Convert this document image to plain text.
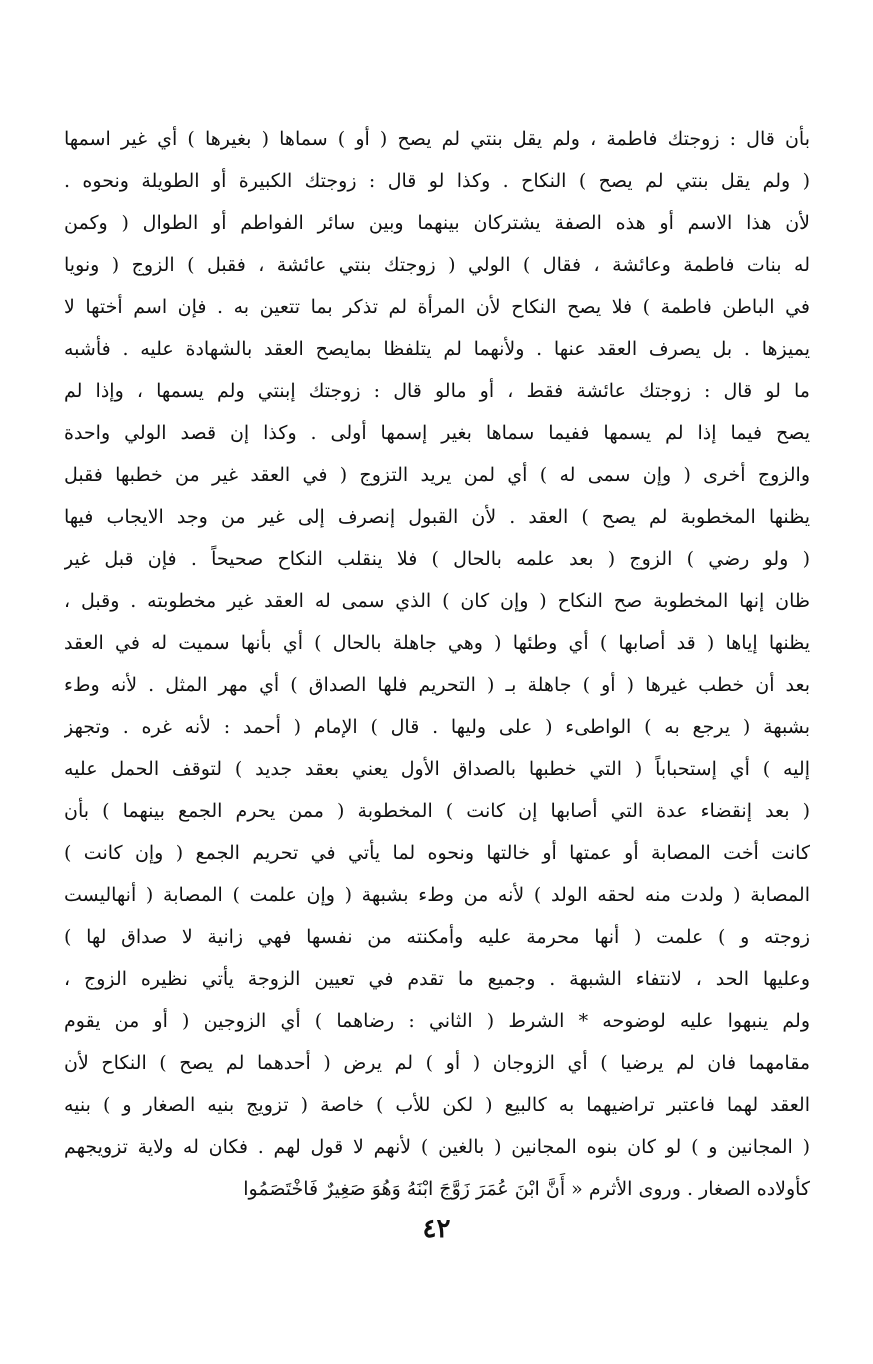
بأن قال : زوجتك فاطمة ، ولم يقل بنتي لم يصح ( أو ) سماها ( بغيرها ) أي غير اسمها
( ولم يقل بنتي لم يصح ) النكاح . وكذا لو قال : زوجتك الكبيرة أو الطويلة ونحوه .
لأن هذا الاسم أو هذه الصفة يشتركان بينهما وبين سائر الفواطم أو الطوال ( وكمن
له بنات فاطمة وعائشة ، فقال ) الولي ( زوجتك بنتي عائشة ، فقبل ) الزوج ( ونويا
في الباطن فاطمة ) فلا يصح النكاح لأن المرأة لم تذكر بما تتعين به . فإن اسم أختها لا
يميزها . بل يصرف العقد عنها . ولأنهما لم يتلفظا بمايصح العقد بالشهادة عليه . فأشبه
ما لو قال : زوجتك عائشة فقط ، أو مالو قال : زوجتك إبنتي ولم يسمها ، وإذا لم
يصح فيما إذا لم يسمها ففيما سماها بغير إسمها أولى . وكذا إن قصد الولي واحدة
والزوج أخرى ( وإن سمى له ) أي لمن يريد التزوج ( في العقد غير من خطبها فقبل
يظنها المخطوبة لم يصح ) العقد . لأن القبول إنصرف إلى غير من وجد الايجاب فيها
( ولو رضي ) الزوج ( بعد علمه بالحال ) فلا ينقلب النكاح صحيحاً . فإن قبل غير
ظان إنها المخطوبة صح النكاح ( وإن كان ) الذي سمى له العقد غير مخطوبته . وقبل ،
يظنها إياها ( قد أصابها ) أي وطئها ( وهي جاهلة بالحال ) أي بأنها سميت له في العقد
بعد أن خطب غيرها ( أو ) جاهلة بـ ( التحريم فلها الصداق ) أي مهر المثل . لأنه وطء
بشبهة ( يرجع به ) الواطىء ( على وليها . قال ) الإمام ( أحمد : لأنه غره . وتجهز
إليه ) أي إستحباباً ( التي خطبها بالصداق الأول يعني بعقد جديد ) لتوقف الحمل عليه
( بعد إنقضاء عدة التي أصابها إن كانت ) المخطوبة ( ممن يحرم الجمع بينهما ) بأن
كانت أخت المصابة أو عمتها أو خالتها ونحوه لما يأتي في تحريم الجمع ( وإن كانت )
المصابة ( ولدت منه لحقه الولد ) لأنه من وطء بشبهة ( وإن علمت ) المصابة ( أنهاليست
زوجته و ) علمت ( أنها محرمة عليه وأمكنته من نفسها فهي زانية لا صداق لها )
وعليها الحد ، لانتفاء الشبهة . وجميع ما تقدم في تعيين الزوجة يأتي نظيره الزوج ،
ولم ينبهوا عليه لوضوحه * الشرط ( الثاني : رضاهما ) أي الزوجين ( أو من يقوم
مقامهما فان لم يرضيا ) أي الزوجان ( أو ) لم يرض ( أحدهما لم يصح ) النكاح لأن
العقد لهما فاعتبر تراضيهما به كالبيع ( لكن للأب ) خاصة ( تزويج بنيه الصغار و ) بنيه
( المجانين و ) لو كان بنوه المجانين ( بالغين ) لأنهم لا قول لهم . فكان له ولاية تزويجهم
كأولاده الصغار . وروى الأثرم « أَنَّ ابْنَ عُمَرَ زَوَّجَ ابْنَهُ وَهُوَ صَغِيرٌ فَاخْتَصَمُوا
٤٢
